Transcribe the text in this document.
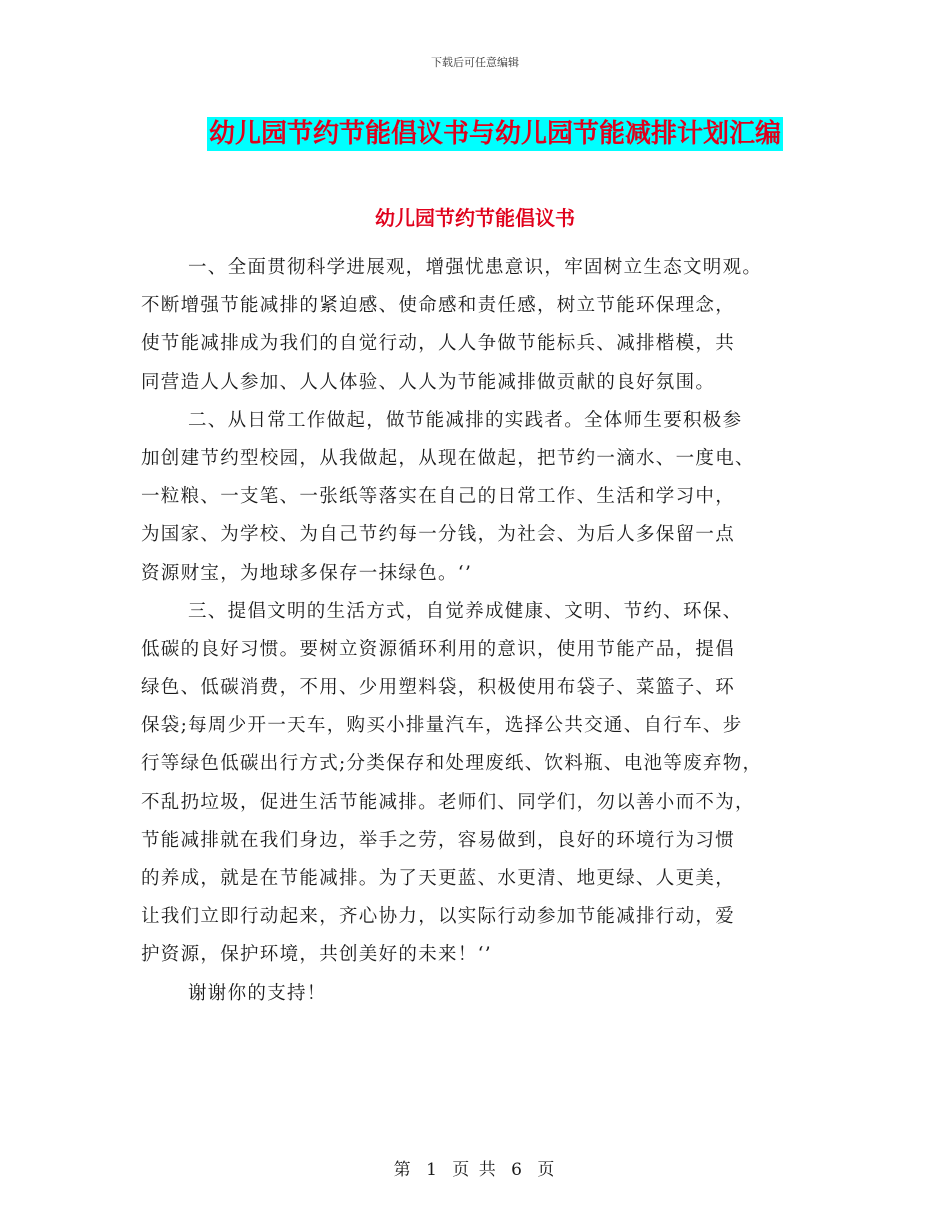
下载后可任意编辑
幼儿园节约节能倡议书与幼儿园节能减排计划汇编
幼儿园节约节能倡议书
一、全面贯彻科学进展观，增强忧患意识，牢固树立生态文明观。
不断增强节能减排的紧迫感、使命感和责任感，树立节能环保理念，
使节能减排成为我们的自觉行动，人人争做节能标兵、减排楷模，共
同营造人人参加、人人体验、人人为节能减排做贡献的良好氛围。
二、从日常工作做起，做节能减排的实践者。全体师生要积极参
加创建节约型校园，从我做起，从现在做起，把节约一滴水、一度电、
一粒粮、一支笔、一张纸等落实在自己的日常工作、生活和学习中，
为国家、为学校、为自己节约每一分钱，为社会、为后人多保留一点
资源财宝，为地球多保存一抹绿色。‘’
三、提倡文明的生活方式，自觉养成健康、文明、节约、环保、
低碳的良好习惯。要树立资源循环利用的意识，使用节能产品，提倡
绿色、低碳消费，不用、少用塑料袋，积极使用布袋子、菜篮子、环
保袋;每周少开一天车，购买小排量汽车，选择公共交通、自行车、步
行等绿色低碳出行方式;分类保存和处理废纸、饮料瓶、电池等废弃物，
不乱扔垃圾，促进生活节能减排。老师们、同学们，勿以善小而不为，
节能减排就在我们身边，举手之劳，容易做到，良好的环境行为习惯
的养成，就是在节能减排。为了天更蓝、水更清、地更绿、人更美，
让我们立即行动起来，齐心协力，以实际行动参加节能减排行动，爱
护资源，保护环境，共创美好的未来！‘’
谢谢你的支持！
第 1 页 共 6 页
